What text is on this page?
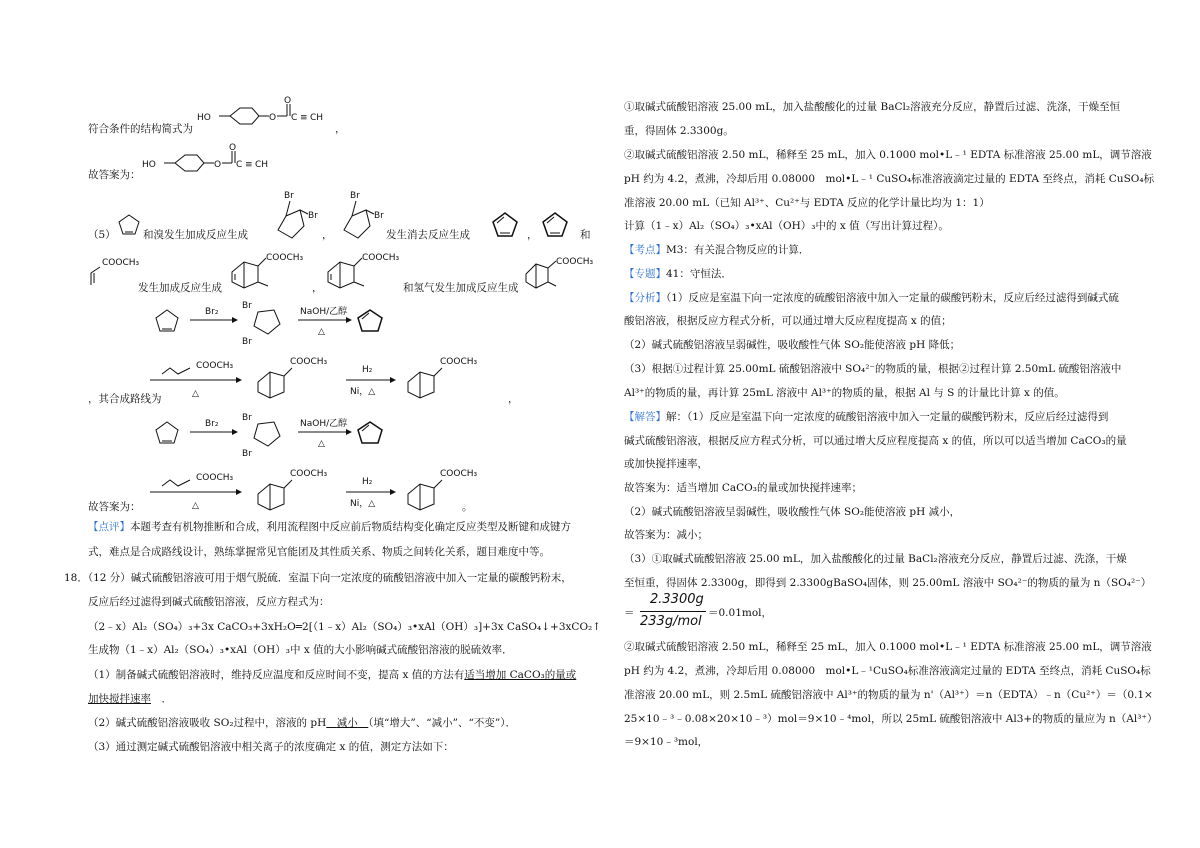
HO	O
O
C ≡ CH
符合条件的结构简式为	，
HO	O
O
C ≡ CH
故答案为：
（5）	和溴发生加成反应生成
Br
Br
，
Br
Br
发生消去反应生成	，	和
COOCH₃
发生加成反应生成
COOCH₃
，
COOCH₃
和氢气发生加成反应生成
COOCH₃
Br₂
Br
Br
NaOH/乙醇
△
COOCH₃
△
COOCH₃
H₂
Ni，△
COOCH₃
，其合成路线为	，
Br₂
Br
Br
NaOH/乙醇
△
COOCH₃
△
COOCH₃
H₂
Ni，△
COOCH₃
故答案为：	。
【点评】本题考查有机物推断和合成，利用流程图中反应前后物质结构变化确定反应类型及断键和成键方
式，难点是合成路线设计，熟练掌握常见官能团及其性质关系、物质之间转化关系，题目难度中等。
18．（12 分）碱式硫酸铝溶液可用于烟气脱硫．室温下向一定浓度的硫酸铝溶液中加入一定量的碳酸钙粉末，
反应后经过滤得到碱式硫酸铝溶液，反应方程式为：
（2﹣x）Al₂（SO₄）₃+3x CaCO₃+3xH₂O═2[（1﹣x）Al₂（SO₄）₃•xAl（OH）₃]+3x CaSO₄↓+3xCO₂↑
生成物（1﹣x）Al₂（SO₄）₃•xAl（OH）₃中 x 值的大小影响碱式硫酸铝溶液的脱硫效率．
（1）制备碱式硫酸铝溶液时，维持反应温度和反应时间不变，提高 x 值的方法有适当增加 CaCO₃的量或
加快搅拌速率　 ．
（2）碱式硫酸铝溶液吸收 SO₂过程中，溶液的 pH　 减小　 （填“增大”、“减小”、“不变”）．
（3）通过测定碱式硫酸铝溶液中相关离子的浓度确定 x 的值，测定方法如下：
①取碱式硫酸铝溶液 25.00 mL，加入盐酸酸化的过量 BaCl₂溶液充分反应，静置后过滤、洗涤，干燥至恒
重，得固体 2.3300g。
②取碱式硫酸铝溶液 2.50 mL，稀释至 25 mL，加入 0.1000 mol•L﹣¹ EDTA 标准溶液 25.00 mL，调节溶液
pH 约为 4.2，煮沸，冷却后用 0.08000　mol•L﹣¹ CuSO₄标准溶液滴定过量的 EDTA 至终点，消耗 CuSO₄标
准溶液 20.00 mL（已知 Al³⁺、Cu²⁺与 EDTA 反应的化学计量比均为 1：1）
计算（1﹣x）Al₂（SO₄）₃•xAl（OH）₃中的 x 值（写出计算过程）。
【考点】M3：有关混合物反应的计算．
【专题】41：守恒法．
【分析】（1）反应是室温下向一定浓度的硫酸铝溶液中加入一定量的碳酸钙粉末，反应后经过滤得到碱式硫
酸铝溶液，根据反应方程式分析，可以通过增大反应程度提高 x 的值；
（2）碱式硫酸铝溶液呈弱碱性，吸收酸性气体 SO₂能使溶液 pH 降低；
（3）根据①过程计算 25.00mL 硫酸铝溶液中 SO₄²⁻的物质的量，根据②过程计算 2.50mL 硫酸铝溶液中
Al³⁺的物质的量，再计算 25mL 溶液中 Al³⁺的物质的量，根据 Al 与 S 的计量比计算 x 的值。
【解答】解：（1）反应是室温下向一定浓度的硫酸铝溶液中加入一定量的碳酸钙粉末，反应后经过滤得到
碱式硫酸铝溶液，根据反应方程式分析，可以通过增大反应程度提高 x 的值，所以可以适当增加 CaCO₃的量
或加快搅拌速率，
故答案为：适当增加 CaCO₃的量或加快搅拌速率；
（2）碱式硫酸铝溶液呈弱碱性，吸收酸性气体 SO₂能使溶液 pH 减小，
故答案为：减小；
（3）①取碱式硫酸铝溶液 25.00 mL，加入盐酸酸化的过量 BaCl₂溶液充分反应，静置后过滤、洗涤，干燥
至恒重，得固体 2.3300g，即得到 2.3300gBaSO₄固体，则 25.00mL 溶液中 SO₄²⁻的物质的量为 n（SO₄²⁻）
＝
2.3300g
233g/mol
＝0.01mol，
②取碱式硫酸铝溶液 2.50 mL，稀释至 25 mL，加入 0.1000 mol•L﹣¹ EDTA 标准溶液 25.00 mL，调节溶液
pH 约为 4.2，煮沸，冷却后用 0.08000　mol•L﹣¹CuSO₄标准溶液滴定过量的 EDTA 至终点，消耗 CuSO₄标
准溶液 20.00 mL，则 2.5mL 硫酸铝溶液中 Al³⁺的物质的量为 n'（Al³⁺）＝n（EDTA）﹣n（Cu²⁺）＝（0.1×
25×10﹣³﹣0.08×20×10﹣³）mol＝9×10﹣⁴mol，所以 25mL 硫酸铝溶液中 Al3+的物质的量应为 n（Al³⁺）
＝9×10﹣³mol，
